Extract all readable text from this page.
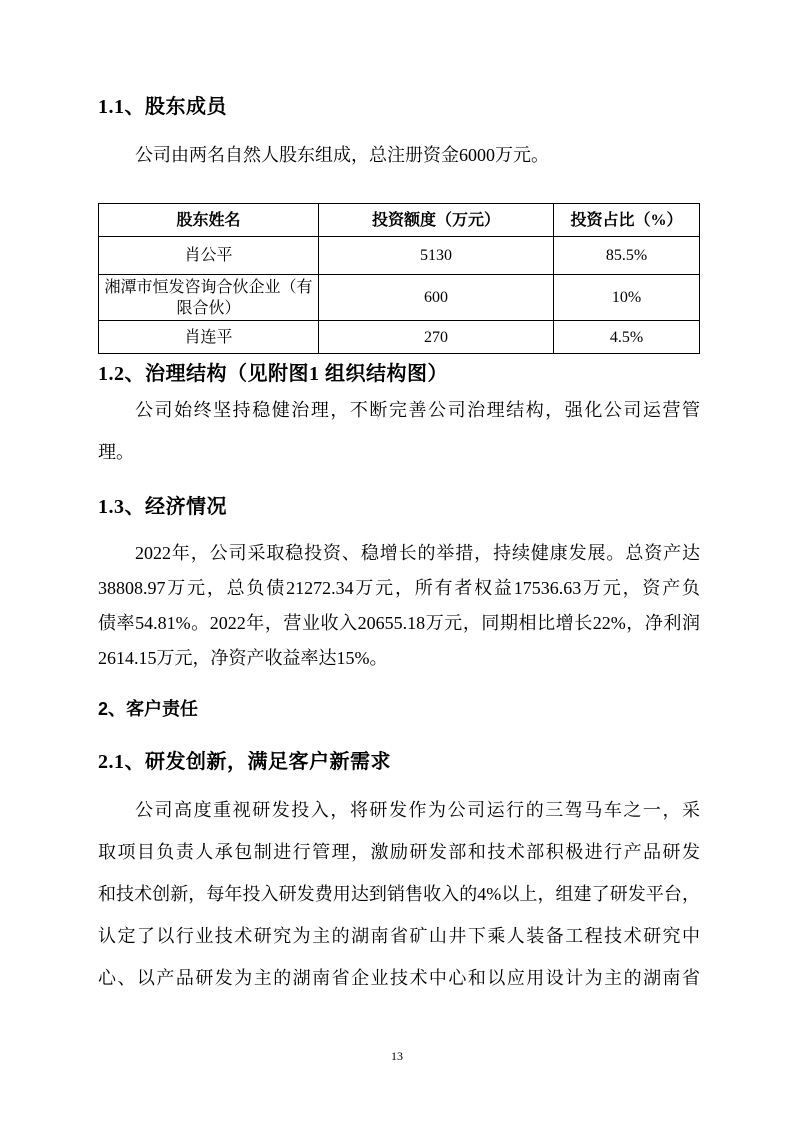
1.1、股东成员

公司由两名自然人股东组成，总注册资金6000万元。

股东姓名	投资额度（万元）	投资占比（%）
肖公平	5130	85.5%
湘潭市恒发咨询合伙企业（有限合伙）	600	10%
肖连平	270	4.5%
1.2、治理结构（见附图1 组织结构图）
公司始终坚持稳健治理，不断完善公司治理结构，强化公司运营管
理。
1.3、经济情况
2022年，公司采取稳投资、稳增长的举措，持续健康发展。总资产达
38808.97万元，总负债21272.34万元，所有者权益17536.63万元，资产负
债率54.81%。2022年，营业收入20655.18万元，同期相比增长22%，净利润
2614.15万元，净资产收益率达15%。
2、客户责任
2.1、研发创新，满足客户新需求
公司高度重视研发投入，将研发作为公司运行的三驾马车之一，采
取项目负责人承包制进行管理，激励研发部和技术部积极进行产品研发
和技术创新，每年投入研发费用达到销售收入的4%以上，组建了研发平台，
认定了以行业技术研究为主的湖南省矿山井下乘人装备工程技术研究中
心、以产品研发为主的湖南省企业技术中心和以应用设计为主的湖南省
13
